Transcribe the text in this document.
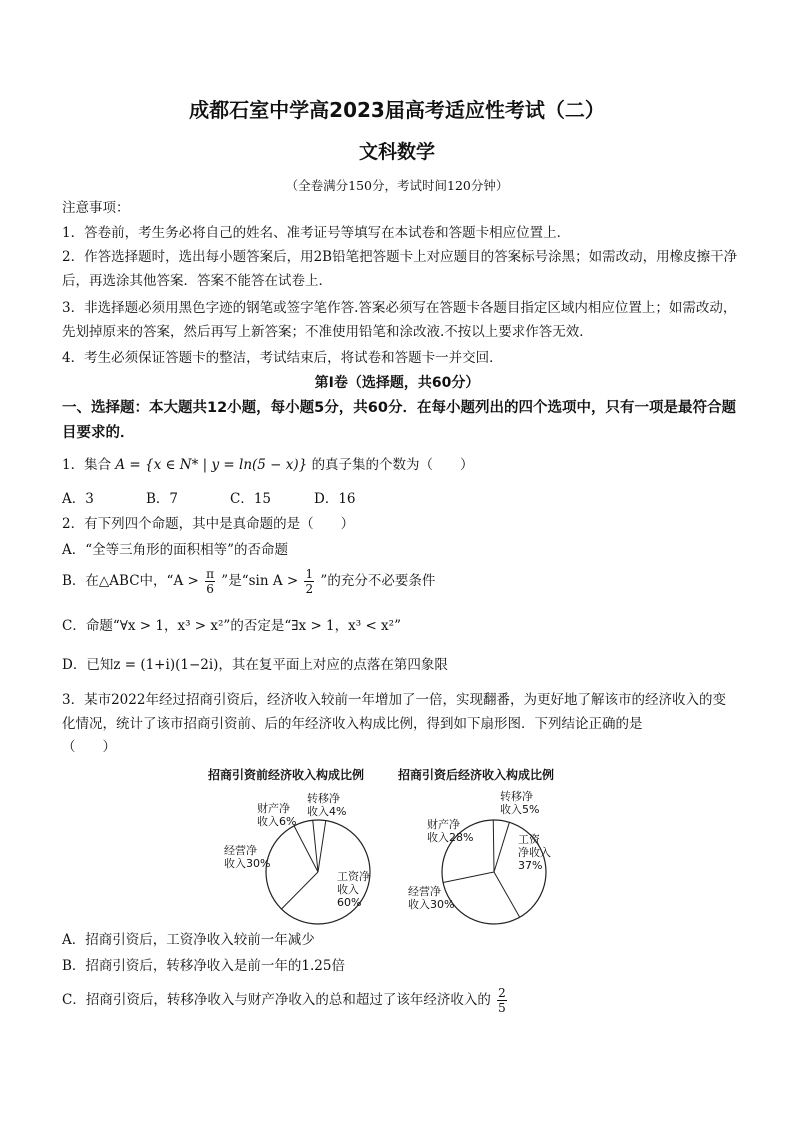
成都石室中学高2023届高考适应性考试（二）
文科数学
（全卷满分150分，考试时间120分钟）
注意事项：
1．答卷前，考生务必将自己的姓名、准考证号等填写在本试卷和答题卡相应位置上．
2．作答选择题时，选出每小题答案后，用2B铅笔把答题卡上对应题目的答案标号涂黑；如需改动，用橡皮擦干净后，再选涂其他答案．答案不能答在试卷上．
3．非选择题必须用黑色字迹的钢笔或签字笔作答.答案必须写在答题卡各题目指定区域内相应位置上；如需改动，先划掉原来的答案，然后再写上新答案；不准使用铅笔和涂改液.不按以上要求作答无效．
4．考生必须保证答题卡的整洁，考试结束后，将试卷和答题卡一并交回．
第Ⅰ卷（选择题，共60分）
一、选择题：本大题共12小题，每小题5分，共60分．在每小题列出的四个选项中，只有一项是最符合题目要求的．
1．集合 A = {x ∈ N* | y = ln(5 − x)} 的真子集的个数为（　　）
A．3	B．7	C．15	D．16
2．有下列四个命题，其中是真命题的是（　　）
A．“全等三角形的面积相等”的否命题
B．在△ABC中，“$A > \frac{\pi}{6}$ ”是“sin $A > \frac{1}{2}$ ”的充分不必要条件
C．命题“∀x > 1，x³ > x²”的否定是“∃x > 1，x³ < x²”
D．已知z = (1+i)(1−2i)，其在复平面上对应的点落在第四象限
3．某市2022年经过招商引资后，经济收入较前一年增加了一倍，实现翻番，为更好地了解该市的经济收入的变化情况，统计了该市招商引资前、后的年经济收入构成比例，得到如下扇形图．下列结论正确的是
（　　）
招商引资前经济收入构成比例	招商引资后经济收入构成比例
工资净收入 60%
经营净收入30%
财产净收入6%
转移净收入4%
工资净收入 37%
经营净收入30%
财产净收入28%
转移净收入5%
A．招商引资后，工资净收入较前一年减少
B．招商引资后，转移净收入是前一年的1.25倍
C．招商引资后，转移净收入与财产净收入的总和超过了该年经济收入的 $\frac{2}{5}$
